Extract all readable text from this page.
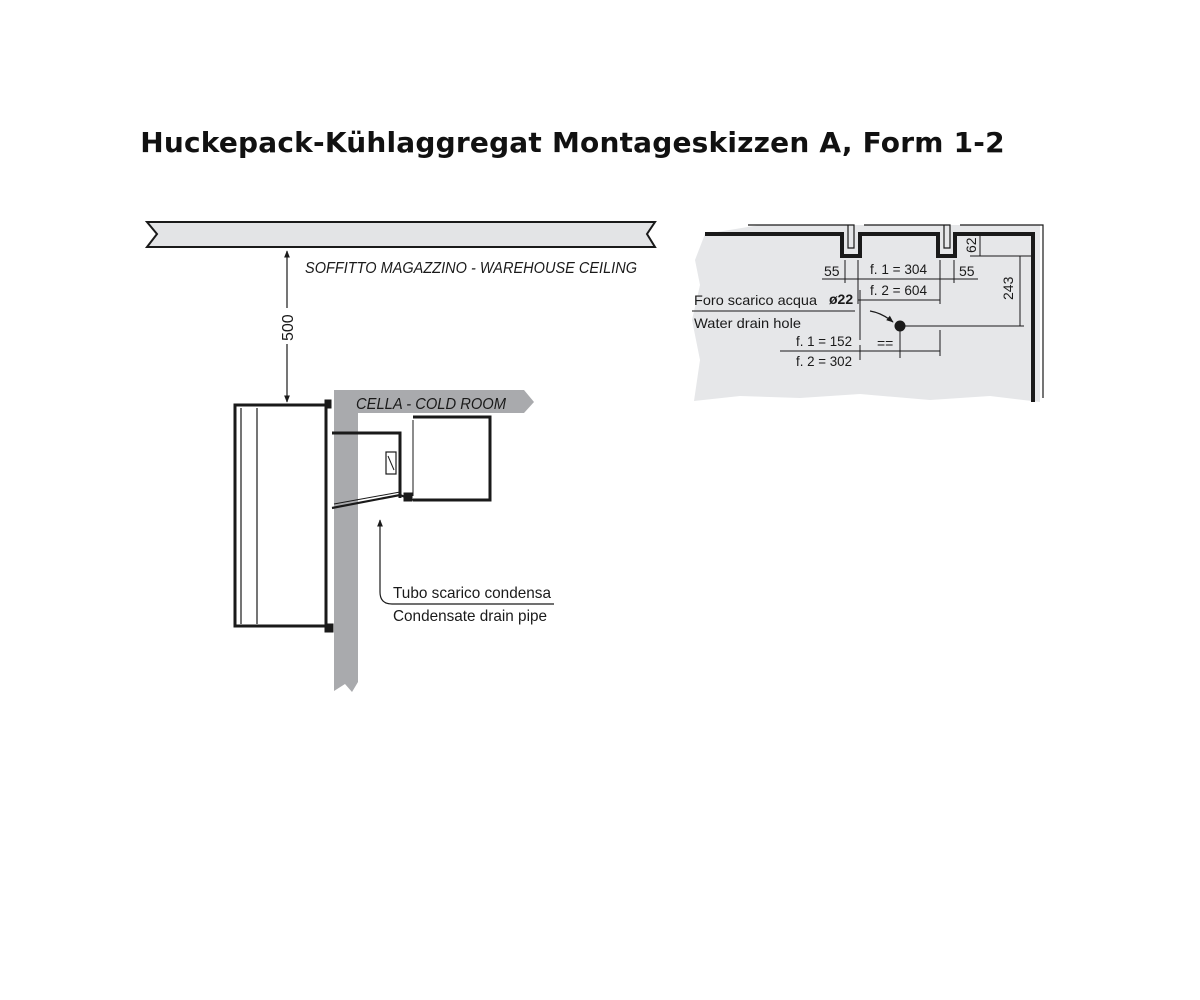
Huckepack-Kühlaggregat Montageskizzen A, Form 1-2
SOFFITTO MAGAZZINO - WAREHOUSE CEILING
500
CELLA - COLD ROOM
Tubo scarico condensa
Condensate drain pipe
55 f. 1 = 304 55
f. 2 = 604
62
243
Foro scarico acqua ø22
Water drain hole
f. 1 = 152
f. 2 = 302
==
